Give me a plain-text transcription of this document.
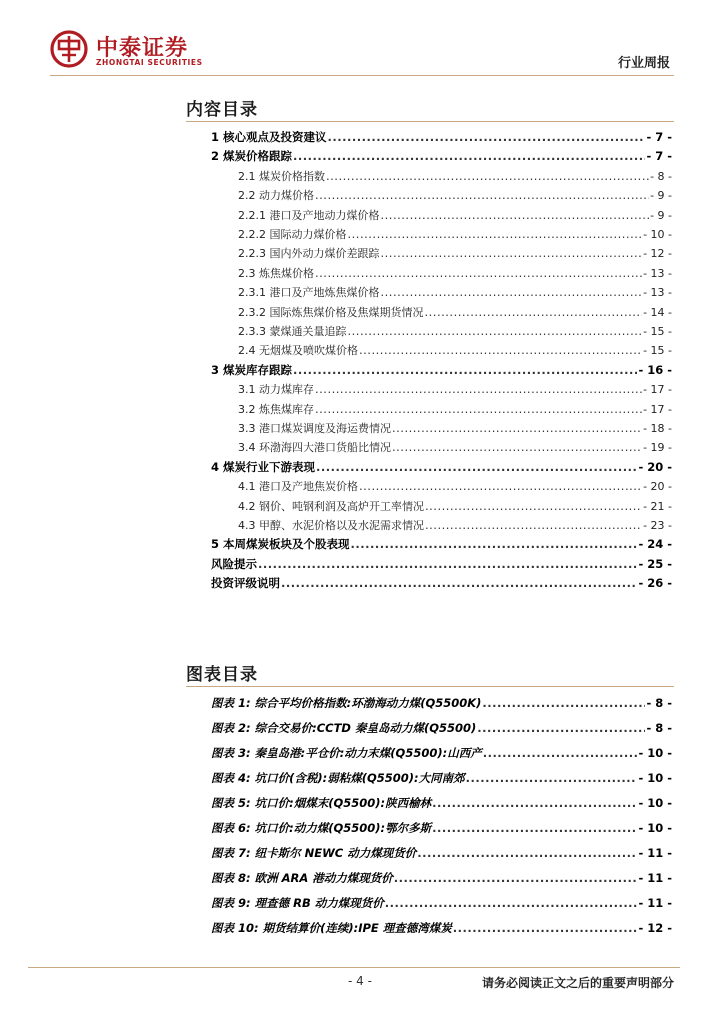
中泰证券
ZHONGTAI SECURITIES	行业周报
内容目录
1 核心观点及投资建议 .....	- 7 -
2 煤炭价格跟踪 .....	- 7 -
2.1 煤炭价格指数 .....	- 8 -
2.2 动力煤价格 .....	- 9 -
2.2.1 港口及产地动力煤价格 .....	- 9 -
2.2.2 国际动力煤价格 .....	- 10 -
2.2.3 国内外动力煤价差跟踪 .....	- 12 -
2.3 炼焦煤价格 .....	- 13 -
2.3.1 港口及产地炼焦煤价格 .....	- 13 -
2.3.2 国际炼焦煤价格及焦煤期货情况 .....	- 14 -
2.3.3 蒙煤通关量追踪 .....	- 15 -
2.4 无烟煤及喷吹煤价格 .....	- 15 -
3 煤炭库存跟踪 .....	- 16 -
3.1 动力煤库存 .....	- 17 -
3.2 炼焦煤库存 .....	- 17 -
3.3 港口煤炭调度及海运费情况 .....	- 18 -
3.4 环渤海四大港口货船比情况 .....	- 19 -
4 煤炭行业下游表现 .....	- 20 -
4.1 港口及产地焦炭价格 .....	- 20 -
4.2 钢价、吨钢利润及高炉开工率情况 .....	- 21 -
4.3 甲醇、水泥价格以及水泥需求情况 .....	- 23 -
5 本周煤炭板块及个股表现 .....	- 24 -
风险提示 .....	- 25 -
投资评级说明 .....	- 26 -
图表目录
图表 1: 综合平均价格指数:环渤海动力煤(Q5500K) .....	- 8 -
图表 2: 综合交易价:CCTD 秦皇岛动力煤(Q5500) .....	- 8 -
图表 3: 秦皇岛港:平仓价:动力末煤(Q5500):山西产 .....	- 10 -
图表 4: 坑口价(含税):弱粘煤(Q5500):大同南郊 .....	- 10 -
图表 5: 坑口价:烟煤末(Q5500):陕西榆林 .....	- 10 -
图表 6: 坑口价:动力煤(Q5500):鄂尔多斯 .....	- 10 -
图表 7: 纽卡斯尔 NEWC 动力煤现货价 .....	- 11 -
图表 8: 欧洲 ARA 港动力煤现货价 .....	- 11 -
图表 9: 理查德 RB 动力煤现货价 .....	- 11 -
图表 10: 期货结算价(连续):IPE 理查德湾煤炭 .....	- 12 -
- 4 -	请务必阅读正文之后的重要声明部分
